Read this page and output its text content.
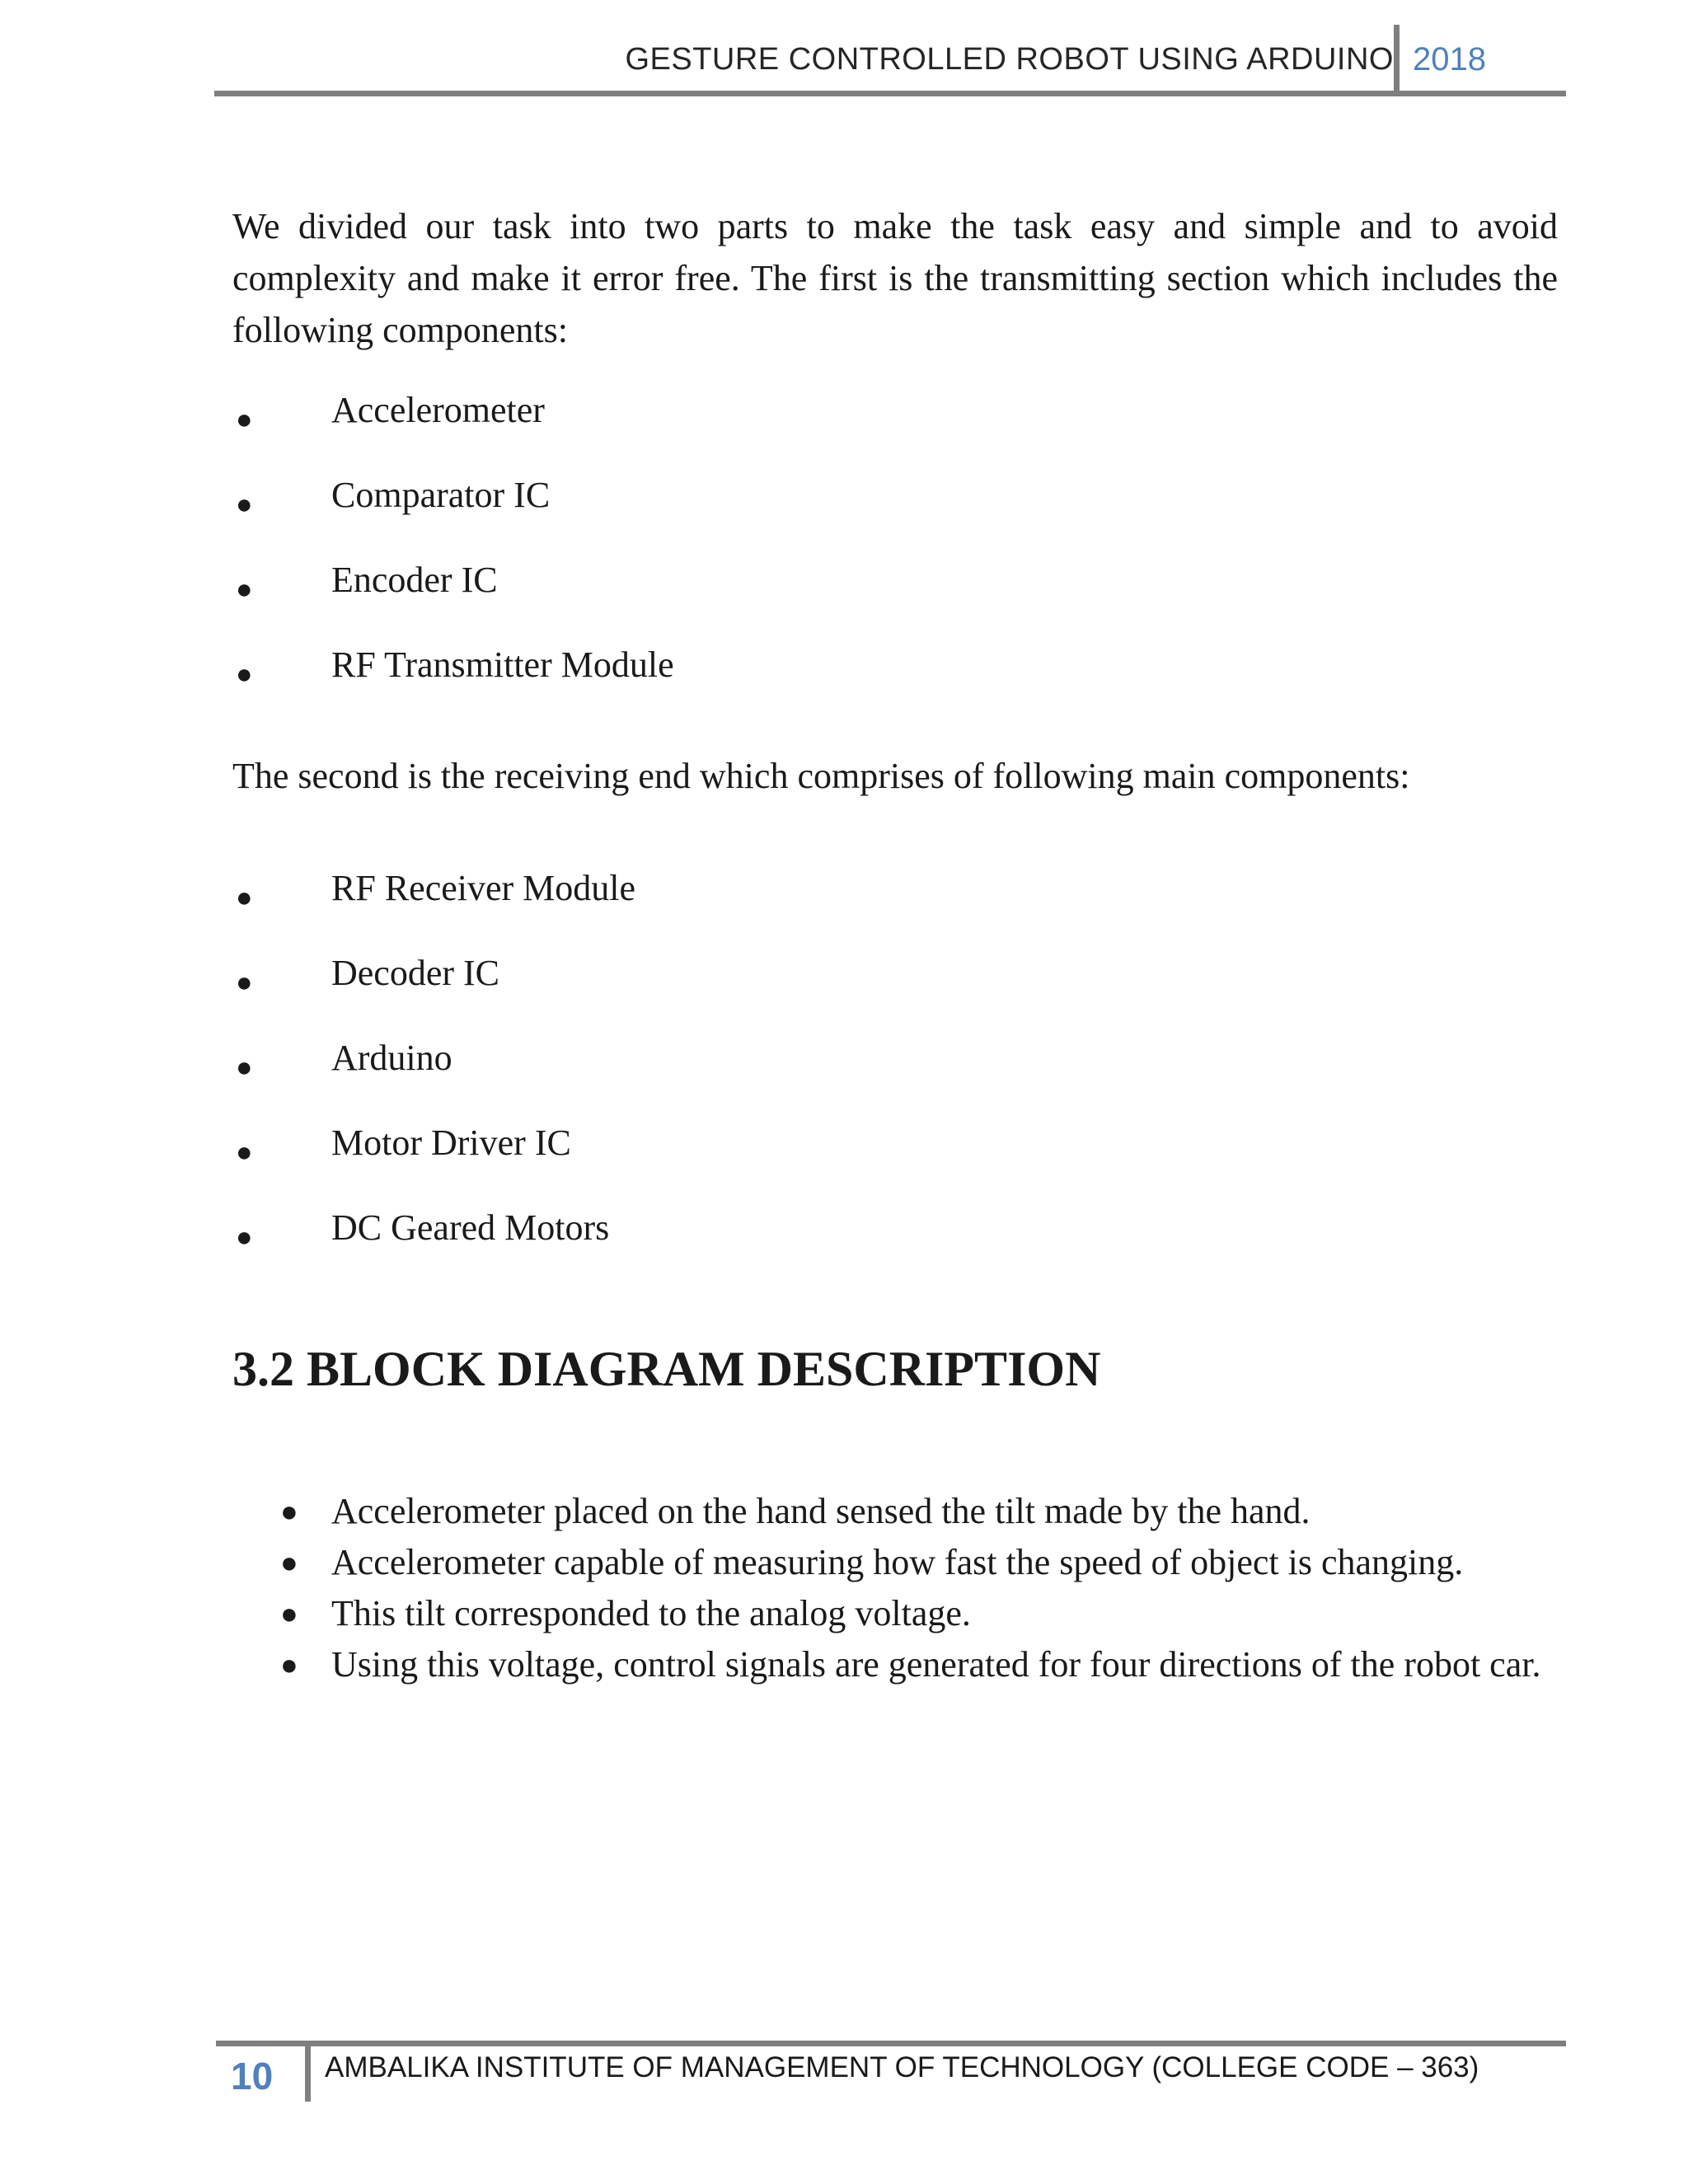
GESTURE CONTROLLED ROBOT USING ARDUINO 2018

We divided our task into two parts to make the task easy and simple and to avoid complexity and make it error free. The first is the transmitting section which includes the following components:

● Accelerometer
● Comparator IC
● Encoder IC
● RF Transmitter Module

The second is the receiving end which comprises of following main components:

● RF Receiver Module
● Decoder IC
● Arduino
● Motor Driver IC
● DC Geared Motors
3.2 BLOCK DIAGRAM DESCRIPTION
● Accelerometer placed on the hand sensed the tilt made by the hand.
● Accelerometer capable of measuring how fast the speed of object is changing.
● This tilt corresponded to the analog voltage.
● Using this voltage, control signals are generated for four directions of the robot car.
10	AMBALIKA INSTITUTE OF MANAGEMENT OF TECHNOLOGY (COLLEGE CODE – 363)
